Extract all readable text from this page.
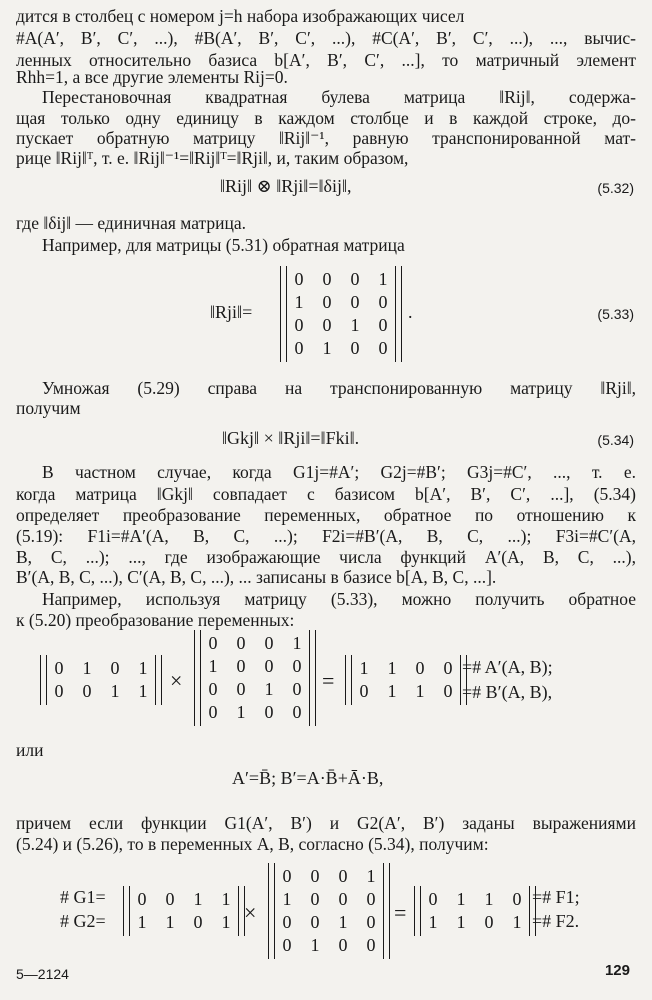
дится в столбец с номером j=h набора изображающих чисел
#A(A′, B′, C′, ...), #B(A′, B′, C′, ...), #C(A′, B′, C′, ...), ..., вычис-
ленных относительно базиса b[A′, B′, C′, ...], то матричный элемент
Rhh=1, а все другие элементы Rij=0.
Перестановочная квадратная булева матрица ‖Rij‖, содержа-
щая только одну единицу в каждом столбце и в каждой строке, до-
пускает обратную матрицу ‖Rij‖⁻¹, равную транспонированной мат-
рице ‖Rij‖ᵀ, т. е. ‖Rij‖⁻¹=‖Rij‖ᵀ=‖Rji‖, и, таким образом,
‖Rij‖ ⊗ ‖Rji‖=‖δij‖,	(5.32)
где ‖δij‖ — единичная матрица.
Например, для матрицы (5.31) обратная матрица
‖Rji‖=
0 0 0 1
1 0 0 0
0 0 1 0
0 1 0 0
.	(5.33)
Умножая (5.29) справа на транспонированную матрицу ‖Rji‖,
получим
‖Gkj‖ × ‖Rji‖=‖Fki‖.	(5.34)
В частном случае, когда G1j=#A′; G2j=#B′; G3j=#C′, ..., т. е.
когда матрица ‖Gkj‖ совпадает с базисом b[A′, B′, C′, ...], (5.34)
определяет преобразование переменных, обратное по отношению к
(5.19): F1i=#A′(A, B, C, ...); F2i=#B′(A, B, C, ...); F3i=#C′(A,
B, C, ...); ..., где изображающие числа функций A′(A, B, C, ...),
B′(A, B, C, ...), C′(A, B, C, ...), ... записаны в базисе b[A, B, C, ...].
Например, используя матрицу (5.33), можно получить обратное
к (5.20) преобразование переменных:
0 1 0 1
0 0 1 1 ×
0 0 0 1
1 0 0 0
0 0 1 0
0 1 0 0
= 1 1 0 0
0 1 1 0
=# A′(A, B);
=# B′(A, B),
или
A′=B̄; B′=A·B̄+Ā·B,
причем если функции G1(A′, B′) и G2(A′, B′) заданы выражениями
(5.24) и (5.26), то в переменных A, B, согласно (5.34), получим:
# G1=
# G2=
0 0 1 1
1 1 0 1 ×
0 0 0 1
1 0 0 0
0 0 1 0
0 1 0 0
=
0 1 1 0
1 1 0 1
=# F1;
=# F2.
5—2124	129
